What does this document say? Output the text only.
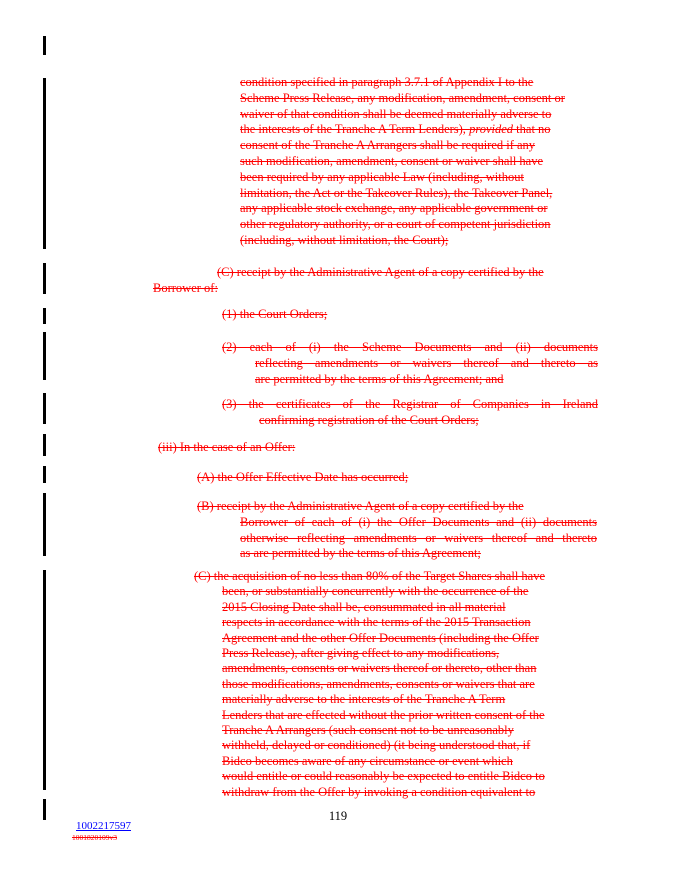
condition specified in paragraph 3.7.1 of Appendix I to the
Scheme Press Release, any modification, amendment, consent or
waiver of that condition shall be deemed materially adverse to
the interests of the Tranche A Term Lenders), provided that no
consent of the Tranche A Arrangers shall be required if any
such modification, amendment, consent or waiver shall have
been required by any applicable Law (including, without
limitation, the Act or the Takeover Rules), the Takeover Panel,
any applicable stock exchange, any applicable government or
other regulatory authority, or a court of competent jurisdiction
(including, without limitation, the Court);
(C) receipt by the Administrative Agent of a copy certified by the
Borrower of:
(1) the Court Orders;
(2) each of (i) the Scheme Documents and (ii) documents
reflecting amendments or waivers thereof and thereto as
are permitted by the terms of this Agreement; and
(3) the certificates of the Registrar of Companies in Ireland
confirming registration of the Court Orders;
(iii) In the case of an Offer:
(A) the Offer Effective Date has occurred;
(B) receipt by the Administrative Agent of a copy certified by the
Borrower of each of (i) the Offer Documents and (ii) documents
otherwise reflecting amendments or waivers thereof and thereto
as are permitted by the terms of this Agreement;
(C) the acquisition of no less than 80% of the Target Shares shall have
been, or substantially concurrently with the occurrence of the
2015 Closing Date shall be, consummated in all material
respects in accordance with the terms of the 2015 Transaction
Agreement and the other Offer Documents (including the Offer
Press Release), after giving effect to any modifications,
amendments, consents or waivers thereof or thereto, other than
those modifications, amendments, consents or waivers that are
materially adverse to the interests of the Tranche A Term
Lenders that are effected without the prior written consent of the
Tranche A Arrangers (such consent not to be unreasonably
withheld, delayed or conditioned) (it being understood that, if
Bidco becomes aware of any circumstance or event which
would entitle or could reasonably be expected to entitle Bidco to
withdraw from the Offer by invoking a condition equivalent to
119
1002217597
1001820109v3
